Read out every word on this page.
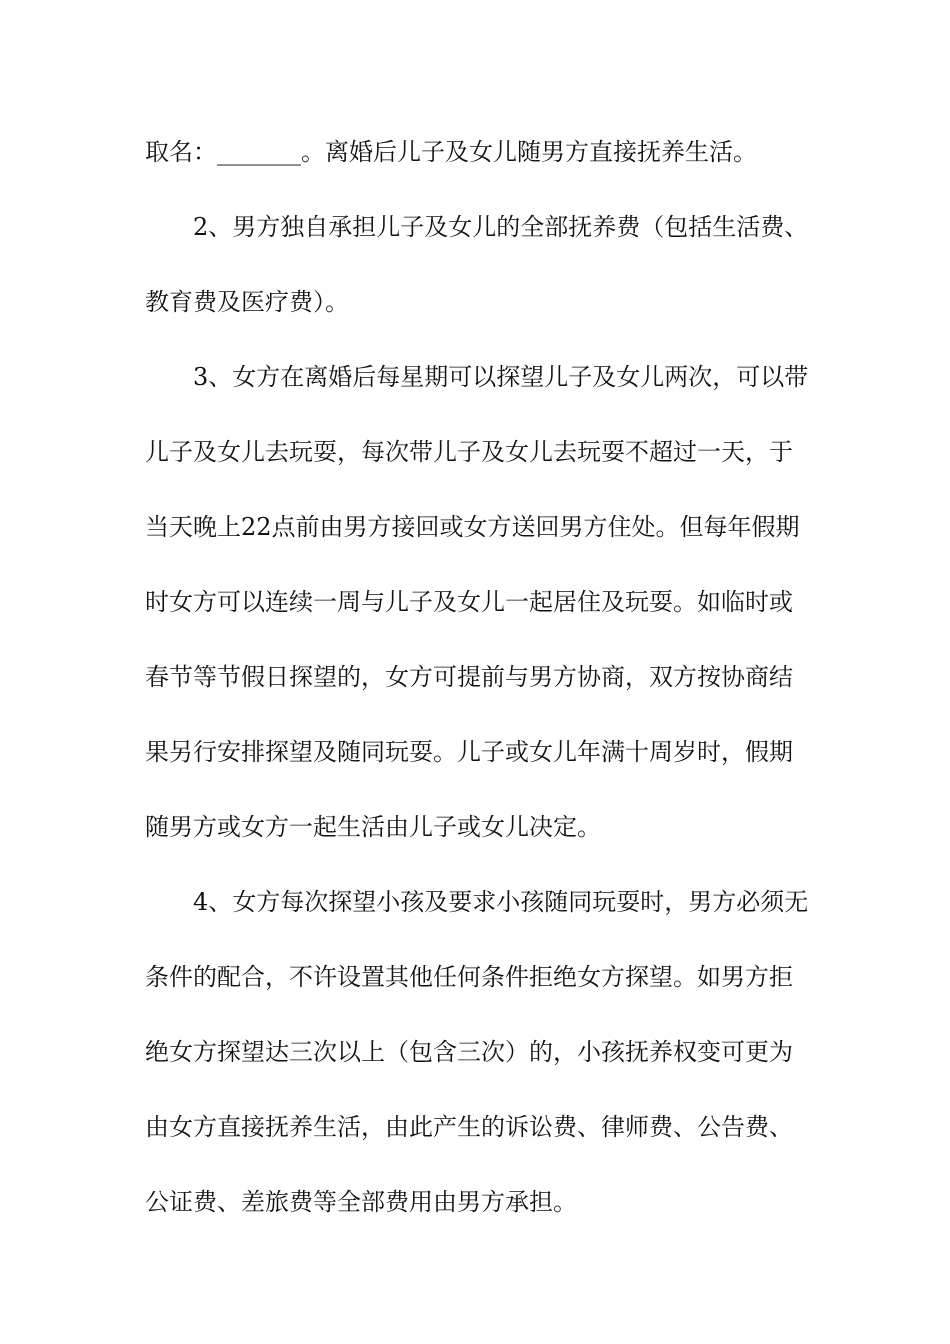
取名：_______。离婚后儿子及女儿随男方直接抚养生活。
2、男方独自承担儿子及女儿的全部抚养费（包括生活费、
教育费及医疗费）。
3、女方在离婚后每星期可以探望儿子及女儿两次，可以带
儿子及女儿去玩耍，每次带儿子及女儿去玩耍不超过一天，于
当天晚上22点前由男方接回或女方送回男方住处。但每年假期
时女方可以连续一周与儿子及女儿一起居住及玩耍。如临时或
春节等节假日探望的，女方可提前与男方协商，双方按协商结
果另行安排探望及随同玩耍。儿子或女儿年满十周岁时，假期
随男方或女方一起生活由儿子或女儿决定。
4、女方每次探望小孩及要求小孩随同玩耍时，男方必须无
条件的配合，不许设置其他任何条件拒绝女方探望。如男方拒
绝女方探望达三次以上（包含三次）的，小孩抚养权变可更为
由女方直接抚养生活，由此产生的诉讼费、律师费、公告费、
公证费、差旅费等全部费用由男方承担。
